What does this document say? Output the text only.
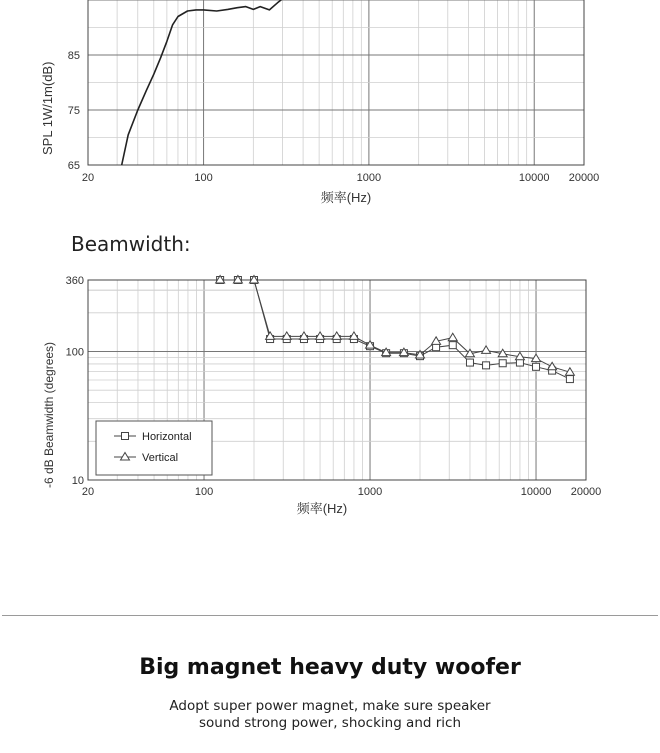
20	100	1000	10000 20000
65
75
85
频率(Hz)
SPL 1W/1m(dB)
Beamwidth:
20	100	1000	10000 20000
10
100
360
频率(Hz)
-6 dB Beamwidth (degrees)	Horizontal
Vertical
Big magnet heavy duty woofer

Adopt super power magnet, make sure speaker
sound strong power, shocking and rich
